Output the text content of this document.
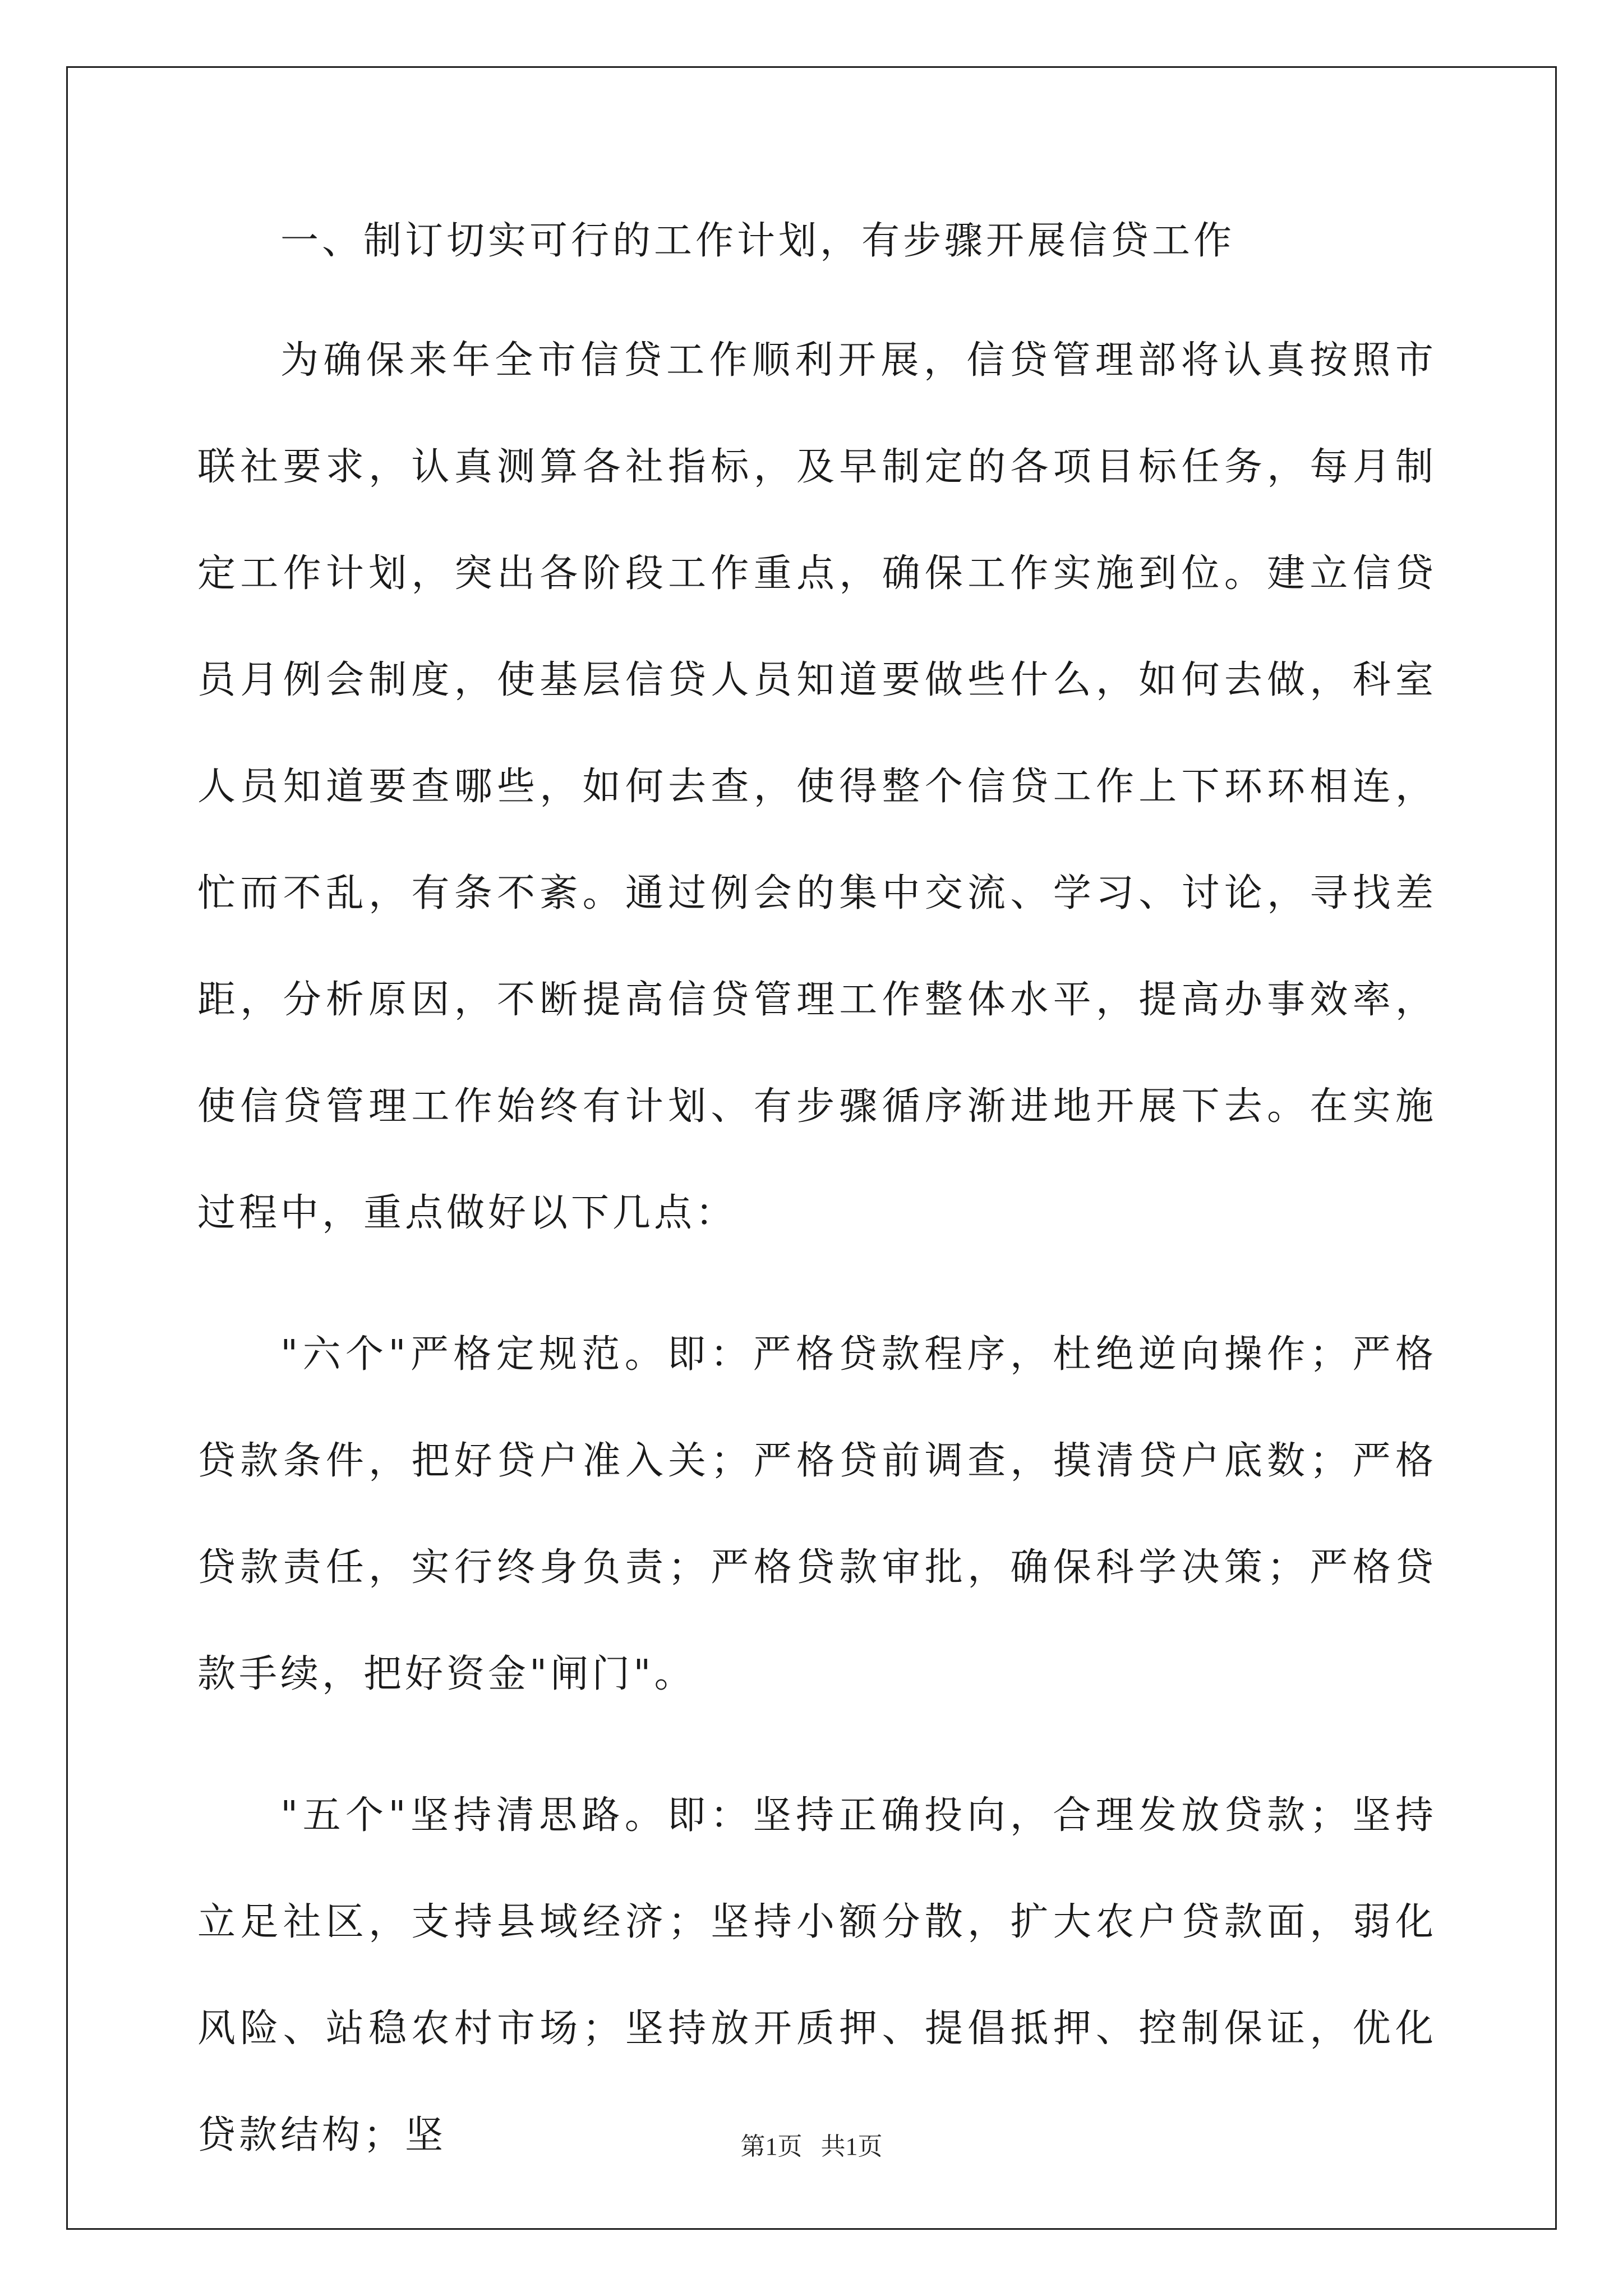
一、制订切实可行的工作计划，有步骤开展信贷工作

为确保来年全市信贷工作顺利开展，信贷管理部将认真按照市联社要求，认真测算各社指标，及早制定的各项目标任务，每月制定工作计划，突出各阶段工作重点，确保工作实施到位。建立信贷员月例会制度，使基层信贷人员知道要做些什么，如何去做，科室人员知道要查哪些，如何去查，使得整个信贷工作上下环环相连，忙而不乱，有条不紊。通过例会的集中交流、学习、讨论，寻找差距，分析原因，不断提高信贷管理工作整体水平，提高办事效率，使信贷管理工作始终有计划、有步骤循序渐进地开展下去。在实施过程中，重点做好以下几点：

"六个"严格定规范。即：严格贷款程序，杜绝逆向操作；严格贷款条件，把好贷户准入关；严格贷前调查，摸清贷户底数；严格贷款责任，实行终身负责；严格贷款审批，确保科学决策；严格贷款手续，把好资金"闸门"。

"五个"坚持清思路。即：坚持正确投向，合理发放贷款；坚持立足社区，支持县域经济；坚持小额分散，扩大农户贷款面，弱化风险、站稳农村市场；坚持放开质押、提倡抵押、控制保证，优化贷款结构；坚	第1页   共1页
